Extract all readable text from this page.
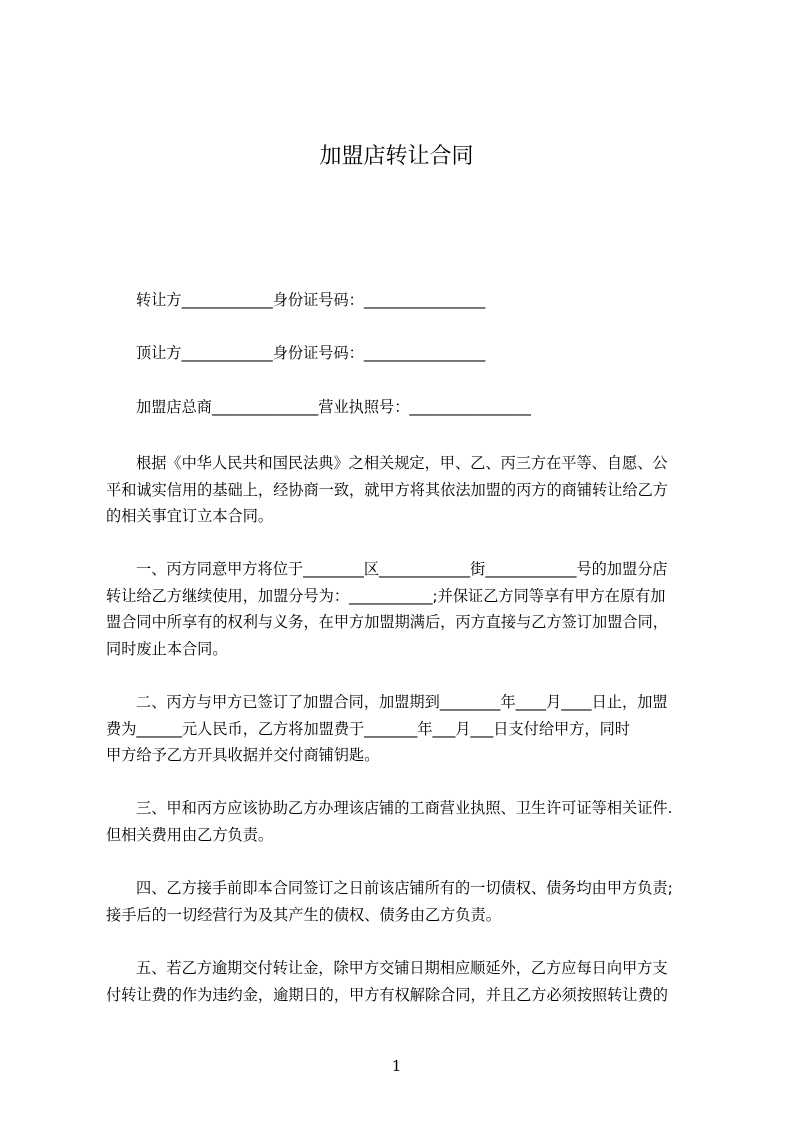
加盟店转让合同
转让方____________身份证号码：________________
顶让方____________身份证号码：________________
加盟店总商______________营业执照号：________________
根据《中华人民共和国民法典》之相关规定，甲、乙、丙三方在平等、自愿、公
平和诚实信用的基础上，经协商一致，就甲方将其依法加盟的丙方的商铺转让给乙方
的相关事宜订立本合同。
一、丙方同意甲方将位于________区____________街____________号的加盟分店
转让给乙方继续使用，加盟分号为：___________;并保证乙方同等享有甲方在原有加
盟合同中所享有的权利与义务，在甲方加盟期满后，丙方直接与乙方签订加盟合同，
同时废止本合同。
二、丙方与甲方已签订了加盟合同，加盟期到________年____月____日止，加盟
费为______元人民币，乙方将加盟费于_______年___月___日支付给甲方，同时
甲方给予乙方开具收据并交付商铺钥匙。
三、甲和丙方应该协助乙方办理该店铺的工商营业执照、卫生许可证等相关证件.
但相关费用由乙方负责。
四、乙方接手前即本合同签订之日前该店铺所有的一切债权、债务均由甲方负责;
接手后的一切经营行为及其产生的债权、债务由乙方负责。
五、若乙方逾期交付转让金，除甲方交铺日期相应顺延外，乙方应每日向甲方支
付转让费的作为违约金，逾期日的，甲方有权解除合同，并且乙方必须按照转让费的
1
